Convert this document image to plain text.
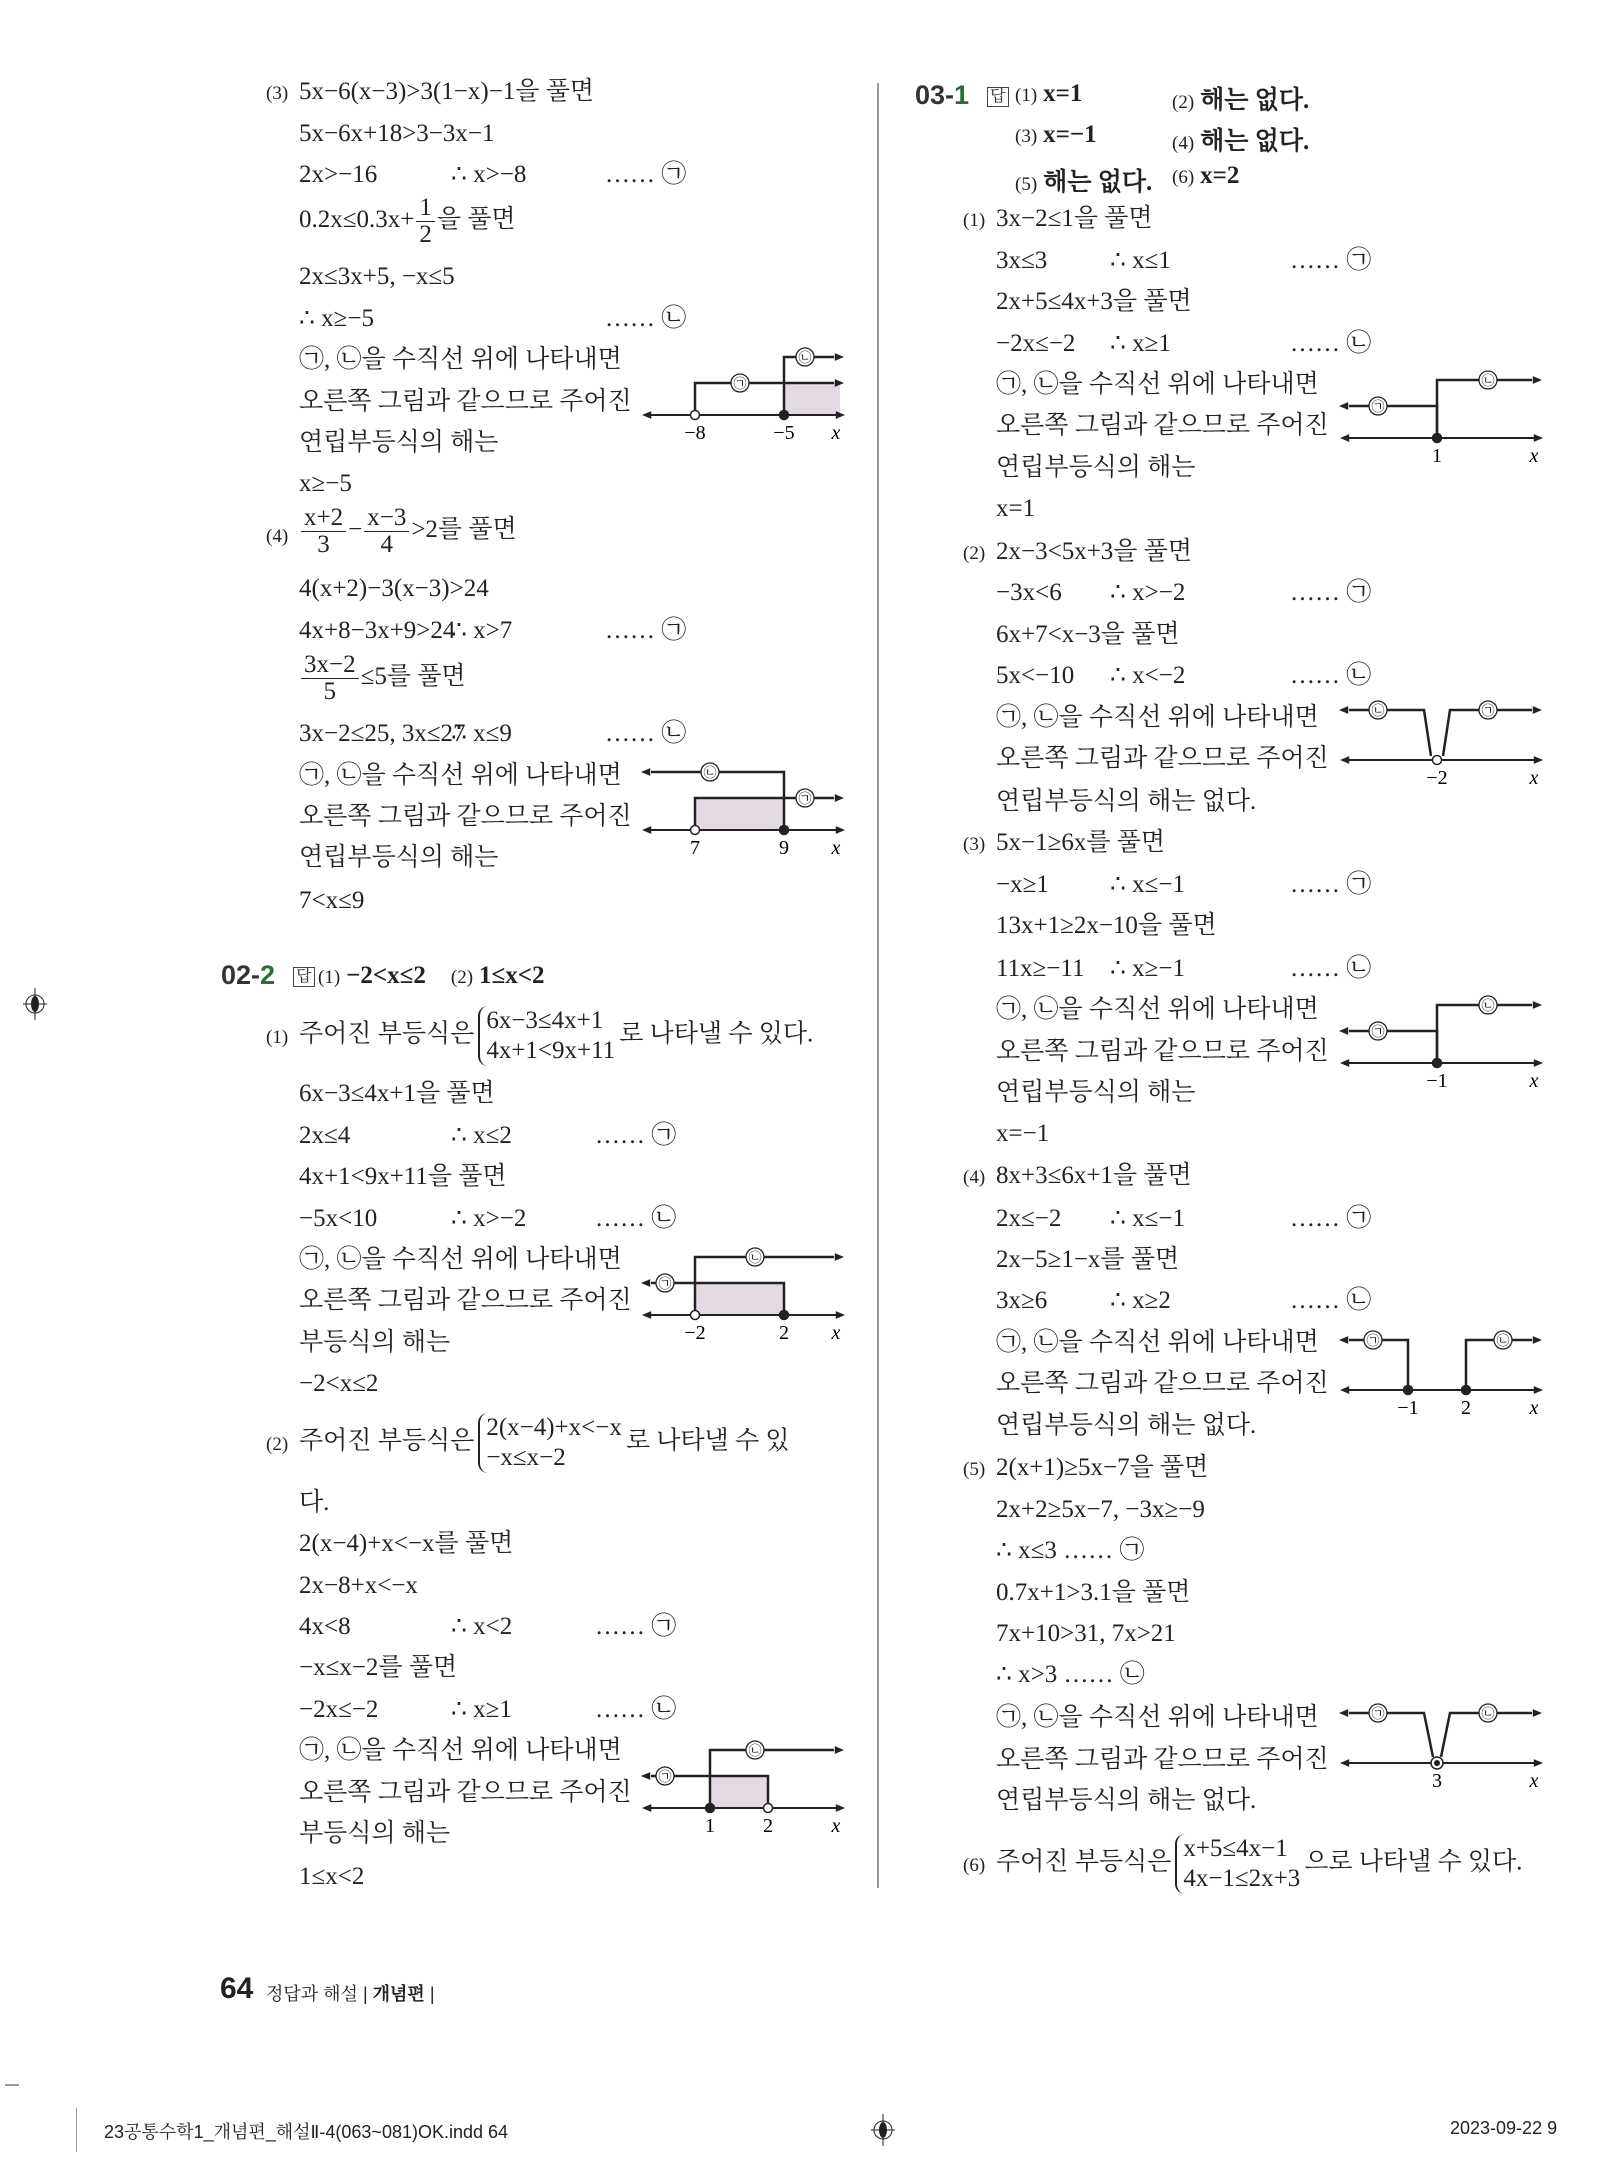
02-2 답 (1) −2<x≤2 (2) 1≤x<2
03-1 답 (1) x=1	(2) 해는 없다.
(3) x=−1	(4) 해는 없다.
(5) 해는 없다. (6) x=2
5x−6(x−3)>3(1−x)−1을 풀면
(3)
5x−6x+18>3−3x−1
2x>−16	∴ x>−8	…… ㉠
$0.2x\le 0.3x+ \frac{1}{2}$ 을 풀면
2x≤3x+5, −x≤5
∴ x≥−5	…… ㉡
㉠, ㉡을 수직선 위에 나타내면
오른쪽 그림과 같으므로 주어진
연립부등식의 해는
x≥−5
$\frac{x+2}{3} - \frac{x-3}{4} >2$를 풀면
(4)
4(x+2)−3(x−3)>24
4x+8−3x+9>24
∴ x>7	…… ㉠
$\frac{3x-2}{5} \le 5$를 풀면
3x−2≤25, 3x≤27
∴ x≤9	…… ㉡
㉠, ㉡을 수직선 위에 나타내면
오른쪽 그림과 같으므로 주어진
연립부등식의 해는
7<x≤9
주어진 부등식은
6x−3≤4x+1
4x+1<9x+11
로 나타낼 수 있다.
(1)
6x−3≤4x+1을 풀면
2x≤4	∴ x≤2	…… ㉠
4x+1<9x+11을 풀면
−5x<10	∴ x>−2	…… ㉡
㉠, ㉡을 수직선 위에 나타내면
오른쪽 그림과 같으므로 주어진
부등식의 해는
−2<x≤2
주어진 부등식은
2(x−4)+x<−x
−x≤x−2
로 나타낼 수 있
(2)
다.
2(x−4)+x<−x를 풀면
2x−8+x<−x
4x<8	∴ x<2	…… ㉠
−x≤x−2를 풀면
−2x≤−2	∴ x≥1	…… ㉡
㉠, ㉡을 수직선 위에 나타내면
오른쪽 그림과 같으므로 주어진
부등식의 해는
1≤x<2
3x−2≤1을 풀면
(1)
3x≤3	∴ x≤1	…… ㉠
2x+5≤4x+3을 풀면
−2x≤−2 ∴ x≥1	…… ㉡
㉠, ㉡을 수직선 위에 나타내면
오른쪽 그림과 같으므로 주어진
연립부등식의 해는
x=1
2x−3<5x+3을 풀면
(2)
−3x<6 ∴ x>−2	…… ㉠
6x+7<x−3을 풀면
5x<−10 ∴ x<−2	…… ㉡
㉠, ㉡을 수직선 위에 나타내면
오른쪽 그림과 같으므로 주어진
연립부등식의 해는 없다.
5x−1≥6x를 풀면
(3)
−x≥1 ∴ x≤−1	…… ㉠
13x+1≥2x−10을 풀면
11x≥−11 ∴ x≥−1	…… ㉡
㉠, ㉡을 수직선 위에 나타내면
오른쪽 그림과 같으므로 주어진
연립부등식의 해는
x=−1
8x+3≤6x+1을 풀면
(4)
2x≤−2 ∴ x≤−1	…… ㉠
2x−5≥1−x를 풀면
3x≥6	∴ x≥2	…… ㉡
㉠, ㉡을 수직선 위에 나타내면
오른쪽 그림과 같으므로 주어진
연립부등식의 해는 없다.
2(x+1)≥5x−7을 풀면
(5)
2x+2≥5x−7, −3x≥−9
∴ x≤3 …… ㉠
0.7x+1>3.1을 풀면
7x+10>31, 7x>21
∴ x>3 …… ㉡
㉠, ㉡을 수직선 위에 나타내면
오른쪽 그림과 같으므로 주어진
연립부등식의 해는 없다.
주어진 부등식은
x+5≤4x−1
4x−1≤2x+3
으로 나타낼 수 있다.
(6)
㉠
㉡
−8	−5 x
㉠
㉡
7	9 x
㉠
㉡
−2	2 x
㉠
㉡
1 2	x
㉠
㉡
1	x
㉡	㉠
−2	x
㉠
㉡
−1	x
㉠	㉡
−1 2	x
㉠	㉡
3	x
64 정답과 해설 | 개념편 |
23공통수학1_개념편_해설Ⅱ-4(063~081)OK.indd 64	2023-09-22 9
